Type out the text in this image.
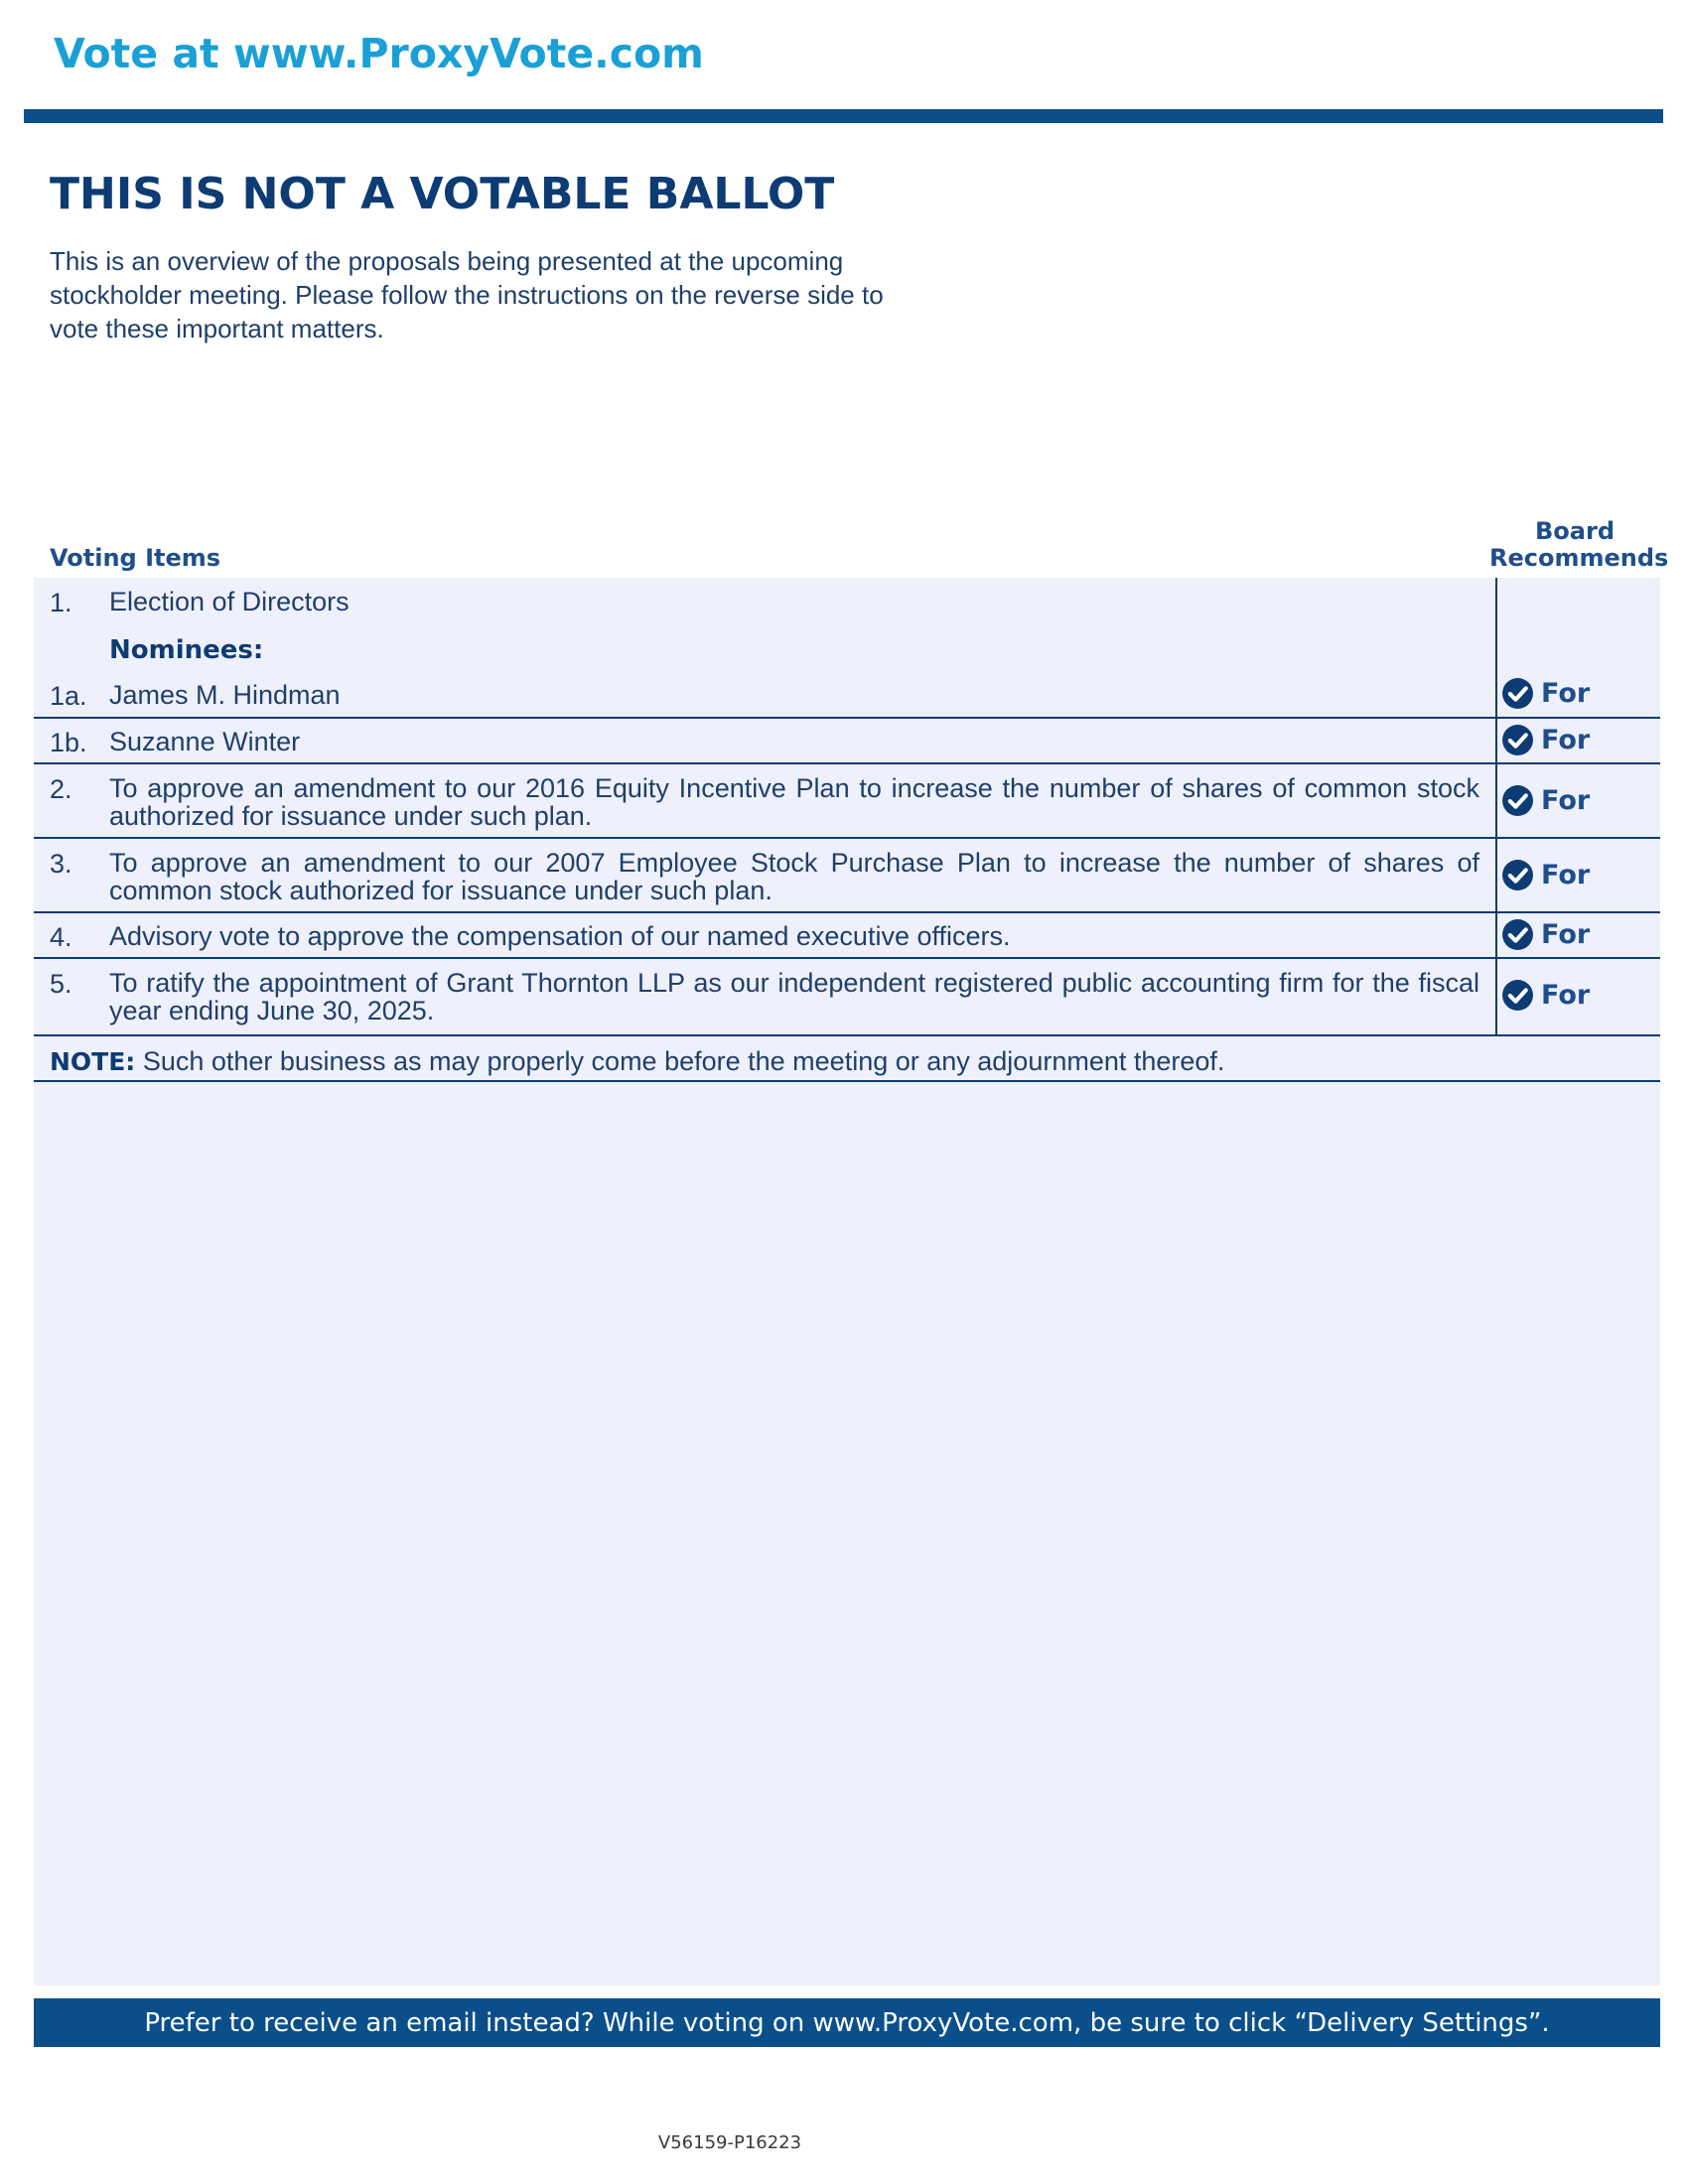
Vote at www.ProxyVote.com
THIS IS NOT A VOTABLE BALLOT

This is an overview of the proposals being presented at the upcoming stockholder meeting. Please follow the instructions on the reverse side to vote these important matters.

Voting Items
Board Recommends
1. Election of Directors
Nominees:
1a. James M. Hindman	For
1b. Suzanne Winter	For
2. To approve an amendment to our 2016 Equity Incentive Plan to increase the number of shares of common stock authorized for issuance under such plan.	For
3. To approve an amendment to our 2007 Employee Stock Purchase Plan to increase the number of shares of common stock authorized for issuance under such plan.	For
4. Advisory vote to approve the compensation of our named executive officers.	For
5. To ratify the appointment of Grant Thornton LLP as our independent registered public accounting firm for the fiscal year ending June 30, 2025.	For
NOTE: Such other business as may properly come before the meeting or any adjournment thereof.
Prefer to receive an email instead? While voting on www.ProxyVote.com, be sure to click “Delivery Settings”.
V56159-P16223
